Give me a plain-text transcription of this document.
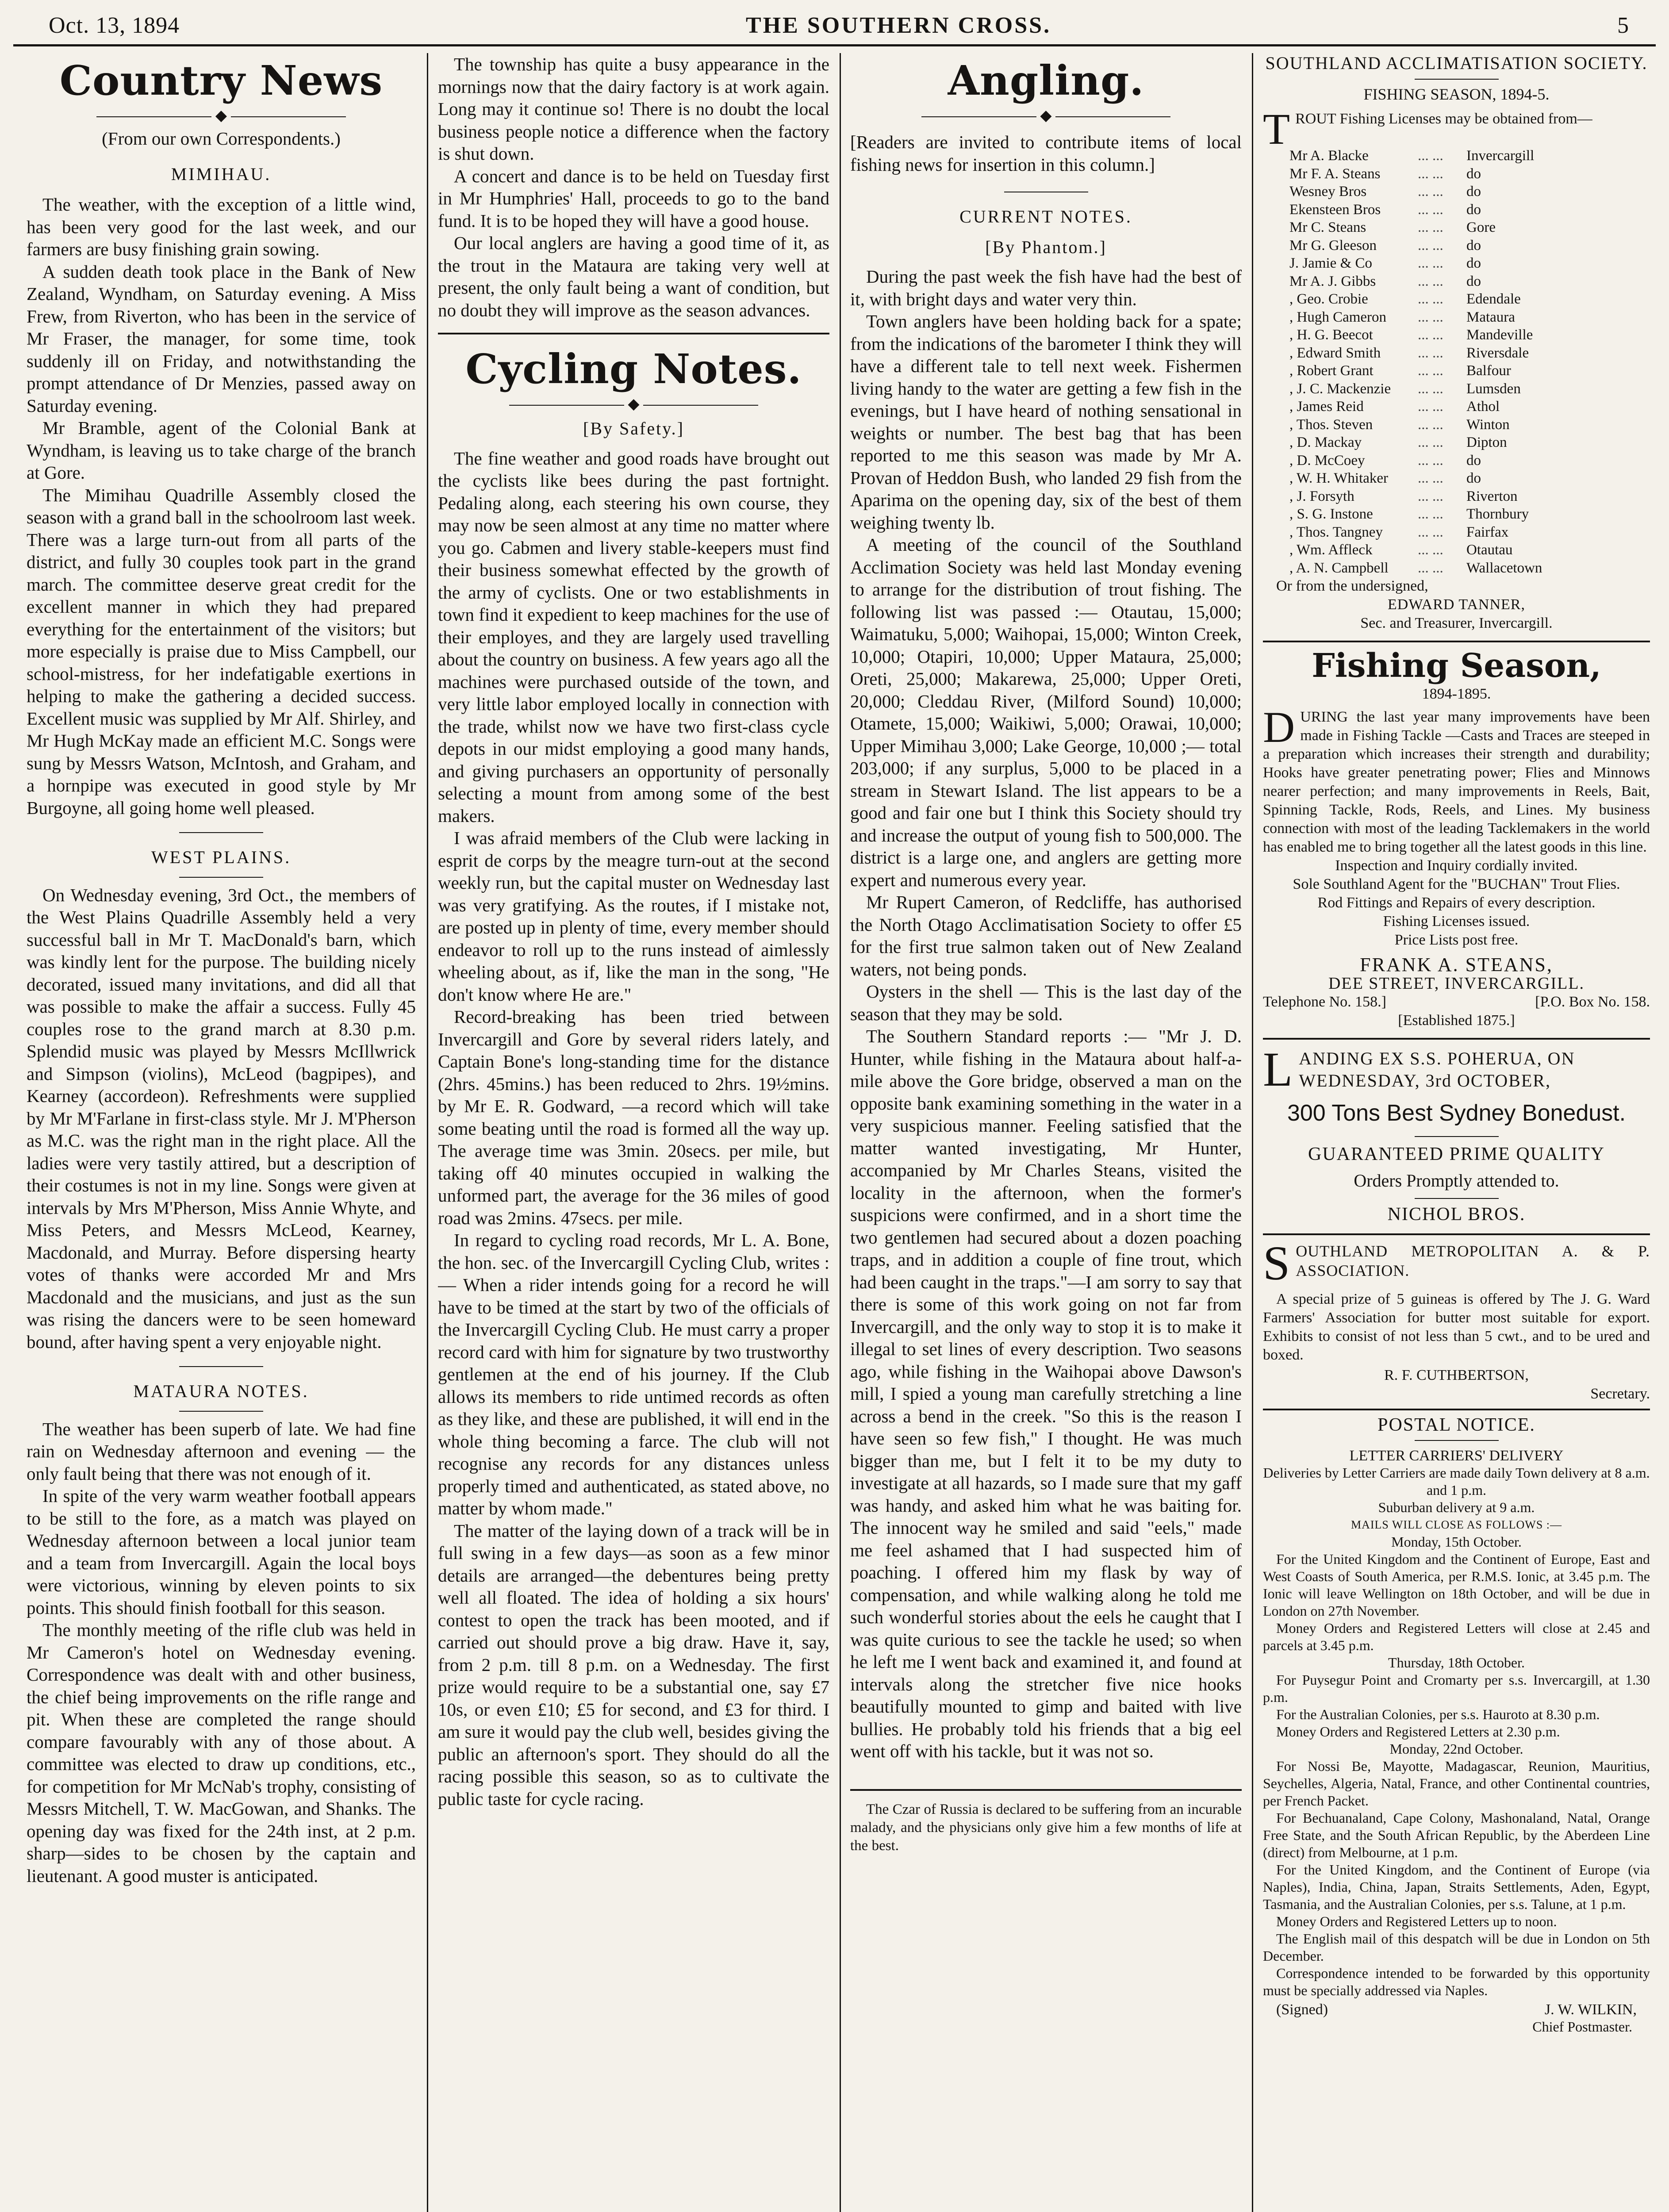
Oct. 13, 1894	THE SOUTHERN CROSS.	5
Country News
◆
(From our own Correspondents.)
MIMIHAU.

The weather, with the exception of a little wind, has been very good for the last week, and our farmers are busy finishing grain sowing.

A sudden death took place in the Bank of New Zealand, Wyndham, on Saturday evening. A Miss Frew, from Riverton, who has been in the service of Mr Fraser, the manager, for some time, took suddenly ill on Friday, and notwithstanding the prompt attendance of Dr Menzies, passed away on Saturday evening.

Mr Bramble, agent of the Colonial Bank at Wyndham, is leaving us to take charge of the branch at Gore.

The Mimihau Quadrille Assembly closed the season with a grand ball in the schoolroom last week. There was a large turn-out from all parts of the district, and fully 30 couples took part in the grand march. The committee deserve great credit for the excellent manner in which they had prepared everything for the entertainment of the visitors; but more especially is praise due to Miss Campbell, our school-mistress, for her indefatigable exertions in helping to make the gathering a decided success. Excellent music was supplied by Mr Alf. Shirley, and Mr Hugh McKay made an efficient M.C. Songs were sung by Messrs Watson, McIntosh, and Graham, and a hornpipe was executed in good style by Mr Burgoyne, all going home well pleased.

WEST PLAINS.

On Wednesday evening, 3rd Oct., the members of the West Plains Quadrille Assembly held a very successful ball in Mr T. MacDonald's barn, which was kindly lent for the purpose. The building nicely decorated, issued many invitations, and did all that was possible to make the affair a success. Fully 45 couples rose to the grand march at 8.30 p.m. Splendid music was played by Messrs McIllwrick and Simpson (violins), McLeod (bagpipes), and Kearney (accordeon). Refreshments were supplied by Mr M'Farlane in first-class style. Mr J. M'Pherson as M.C. was the right man in the right place. All the ladies were very tastily attired, but a description of their costumes is not in my line. Songs were given at intervals by Mrs M'Pherson, Miss Annie Whyte, and Miss Peters, and Messrs McLeod, Kearney, Macdonald, and Murray. Before dispersing hearty votes of thanks were accorded Mr and Mrs Macdonald and the musicians, and just as the sun was rising the dancers were to be seen homeward bound, after having spent a very enjoyable night.

MATAURA NOTES.

The weather has been superb of late. We had fine rain on Wednesday afternoon and evening — the only fault being that there was not enough of it.

In spite of the very warm weather football appears to be still to the fore, as a match was played on Wednesday afternoon between a local junior team and a team from Invercargill. Again the local boys were victorious, winning by eleven points to six points. This should finish football for this season.

The monthly meeting of the rifle club was held in Mr Cameron's hotel on Wednesday evening. Correspondence was dealt with and other business, the chief being improvements on the rifle range and pit. When these are completed the range should compare favourably with any of those about. A committee was elected to draw up conditions, etc., for competition for Mr McNab's trophy, consisting of Messrs Mitchell, T. W. MacGowan, and Shanks. The opening day was fixed for the 24th inst, at 2 p.m. sharp—sides to be chosen by the captain and lieutenant. A good muster is anticipated.

The township has quite a busy appearance in the mornings now that the dairy factory is at work again. Long may it continue so! There is no doubt the local business people notice a difference when the factory is shut down.

A concert and dance is to be held on Tuesday first in Mr Humphries' Hall, proceeds to go to the band fund. It is to be hoped they will have a good house.

Our local anglers are having a good time of it, as the trout in the Mataura are taking very well at present, the only fault being a want of condition, but no doubt they will improve as the season advances.

Cycling Notes.
◆
[By Safety.]

The fine weather and good roads have brought out the cyclists like bees during the past fortnight. Pedaling along, each steering his own course, they may now be seen almost at any time no matter where you go. Cabmen and livery stable-keepers must find their business somewhat effected by the growth of the army of cyclists. One or two establishments in town find it expedient to keep machines for the use of their employes, and they are largely used travelling about the country on business. A few years ago all the machines were purchased outside of the town, and very little labor employed locally in connection with the trade, whilst now we have two first-class cycle depots in our midst employing a good many hands, and giving purchasers an opportunity of personally selecting a mount from among some of the best makers.

I was afraid members of the Club were lacking in esprit de corps by the meagre turn-out at the second weekly run, but the capital muster on Wednesday last was very gratifying. As the routes, if I mistake not, are posted up in plenty of time, every member should endeavor to roll up to the runs instead of aimlessly wheeling about, as if, like the man in the song, "He don't know where He are."

Record-breaking has been tried between Invercargill and Gore by several riders lately, and Captain Bone's long-standing time for the distance (2hrs. 45mins.) has been reduced to 2hrs. 19½mins. by Mr E. R. Godward, —a record which will take some beating until the road is formed all the way up. The average time was 3min. 20secs. per mile, but taking off 40 minutes occupied in walking the unformed part, the average for the 36 miles of good road was 2mins. 47secs. per mile.

In regard to cycling road records, Mr L. A. Bone, the hon. sec. of the Invercargill Cycling Club, writes :— When a rider intends going for a record he will have to be timed at the start by two of the officials of the Invercargill Cycling Club. He must carry a proper record card with him for signature by two trustworthy gentlemen at the end of his journey. If the Club allows its members to ride untimed records as often as they like, and these are published, it will end in the whole thing becoming a farce. The club will not recognise any records for any distances unless properly timed and authenticated, as stated above, no matter by whom made."

The matter of the laying down of a track will be in full swing in a few days—as soon as a few minor details are arranged—the debentures being pretty well all floated. The idea of holding a six hours' contest to open the track has been mooted, and if carried out should prove a big draw. Have it, say, from 2 p.m. till 8 p.m. on a Wednesday. The first prize would require to be a substantial one, say £7 10s, or even £10; £5 for second, and £3 for third. I am sure it would pay the club well, besides giving the public an afternoon's sport. They should do all the racing possible this season, so as to cultivate the public taste for cycle racing.

Angling.
◆

[Readers are invited to contribute items of local fishing news for insertion in this column.]

CURRENT NOTES.
[By Phantom.]

During the past week the fish have had the best of it, with bright days and water very thin.

Town anglers have been holding back for a spate; from the indications of the barometer I think they will have a different tale to tell next week. Fishermen living handy to the water are getting a few fish in the evenings, but I have heard of nothing sensational in weights or number. The best bag that has been reported to me this season was made by Mr A. Provan of Heddon Bush, who landed 29 fish from the Aparima on the opening day, six of the best of them weighing twenty lb.

A meeting of the council of the Southland Acclimation Society was held last Monday evening to arrange for the distribution of trout fishing. The following list was passed :— Otautau, 15,000; Waimatuku, 5,000; Waihopai, 15,000; Winton Creek, 10,000; Otapiri, 10,000; Upper Mataura, 25,000; Oreti, 25,000; Makarewa, 25,000; Upper Oreti, 20,000; Cleddau River, (Milford Sound) 10,000; Otamete, 15,000; Waikiwi, 5,000; Orawai, 10,000; Upper Mimihau 3,000; Lake George, 10,000 ;— total 203,000; if any surplus, 5,000 to be placed in a stream in Stewart Island. The list appears to be a good and fair one but I think this Society should try and increase the output of young fish to 500,000. The district is a large one, and anglers are getting more expert and numerous every year.

Mr Rupert Cameron, of Redcliffe, has authorised the North Otago Acclimatisation Society to offer £5 for the first true salmon taken out of New Zealand waters, not being ponds.

Oysters in the shell — This is the last day of the season that they may be sold.

The Southern Standard reports :— "Mr J. D. Hunter, while fishing in the Mataura about half-a-mile above the Gore bridge, observed a man on the opposite bank examining something in the water in a very suspicious manner. Feeling satisfied that the matter wanted investigating, Mr Hunter, accompanied by Mr Charles Steans, visited the locality in the afternoon, when the former's suspicions were confirmed, and in a short time the two gentlemen had secured about a dozen poaching traps, and in addition a couple of fine trout, which had been caught in the traps."—I am sorry to say that there is some of this work going on not far from Invercargill, and the only way to stop it is to make it illegal to set lines of every description. Two seasons ago, while fishing in the Waihopai above Dawson's mill, I spied a young man carefully stretching a line across a bend in the creek. "So this is the reason I have seen so few fish," I thought. He was much bigger than me, but I felt it to be my duty to investigate at all hazards, so I made sure that my gaff was handy, and asked him what he was baiting for. The innocent way he smiled and said "eels," made me feel ashamed that I had suspected him of poaching. I offered him my flask by way of compensation, and while walking along he told me such wonderful stories about the eels he caught that I was quite curious to see the tackle he used; so when he left me I went back and examined it, and found at intervals along the stretcher five nice hooks beautifully mounted to gimp and baited with live bullies. He probably told his friends that a big eel went off with his tackle, but it was not so.

The Czar of Russia is declared to be suffering from an incurable malady, and the physicians only give him a few months of life at the best.

SOUTHLAND ACCLIMATISATION SOCIETY.
FISHING SEASON, 1894-5.
T ROUT Fishing Licenses may be obtained from—
Mr A. Blacke	... ...	Invercargill
Mr F. A. Steans	... ...	do
Wesney Bros	... ...	do
Ekensteen Bros	... ...	do
Mr C. Steans	... ...	Gore
Mr G. Gleeson	... ...	do
J. Jamie & Co	... ...	do
Mr A. J. Gibbs	... ...	do
, Geo. Crobie	... ...	Edendale
, Hugh Cameron	... ...	Mataura
, H. G. Beecot	... ...	Mandeville
, Edward Smith	... ...	Riversdale
, Robert Grant	... ...	Balfour
, J. C. Mackenzie	... ...	Lumsden
, James Reid	... ...	Athol
, Thos. Steven	... ...	Winton
, D. Mackay	... ...	Dipton
, D. McCoey	... ...	do
, W. H. Whitaker	... ...	do
, J. Forsyth	... ...	Riverton
, S. G. Instone	... ...	Thornbury
, Thos. Tangney	... ...	Fairfax
, Wm. Affleck	... ...	Otautau
, A. N. Campbell	... ...	Wallacetown
Or from the undersigned,
EDWARD TANNER,
Sec. and Treasurer, Invercargill.
Fishing Season,
1894-1895.
D URING the last year many improvements have been made in Fishing Tackle —Casts and Traces are steeped in a preparation which increases their strength and durability; Hooks have greater penetrating power; Flies and Minnows nearer perfection; and many improvements in Reels, Bait, Spinning Tackle, Rods, Reels, and Lines. My business connection with most of the leading Tacklemakers in the world has enabled me to bring together all the latest goods in this line.
Inspection and Inquiry cordially invited.
Sole Southland Agent for the "BUCHAN" Trout Flies.
Rod Fittings and Repairs of every description.
Fishing Licenses issued.
Price Lists post free.
FRANK A. STEANS,
DEE STREET, INVERCARGILL.
Telephone No. 158.]	[P.O. Box No. 158.
[Established 1875.]
L ANDING EX S.S. POHERUA, ON
WEDNESDAY, 3rd OCTOBER,
300 Tons Best Sydney Bonedust.
GUARANTEED PRIME QUALITY
Orders Promptly attended to.
NICHOL BROS.
S OUTHLAND METROPOLITAN A. & P. ASSOCIATION.
A special prize of 5 guineas is offered by The J. G. Ward Farmers' Association for butter most suitable for export. Exhibits to consist of not less than 5 cwt., and to be ured and boxed.
R. F. CUTHBERTSON,
Secretary.
POSTAL NOTICE.

LETTER CARRIERS' DELIVERY

Deliveries by Letter Carriers are made daily Town delivery at 8 a.m. and 1 p.m.

Suburban delivery at 9 a.m.

MAILS WILL CLOSE AS FOLLOWS :—

Monday, 15th October.

For the United Kingdom and the Continent of Europe, East and West Coasts of South America, per R.M.S. Ionic, at 3.45 p.m. The Ionic will leave Wellington on 18th October, and will be due in London on 27th November.

Money Orders and Registered Letters will close at 2.45 and parcels at 3.45 p.m.

Thursday, 18th October.

For Puysegur Point and Cromarty per s.s. Invercargill, at 1.30 p.m.

For the Australian Colonies, per s.s. Hauroto at 8.30 p.m.

Money Orders and Registered Letters at 2.30 p.m.

Monday, 22nd October.

For Nossi Be, Mayotte, Madagascar, Reunion, Mauritius, Seychelles, Algeria, Natal, France, and other Continental countries, per French Packet.

For Bechuanaland, Cape Colony, Mashonaland, Natal, Orange Free State, and the South African Republic, by the Aberdeen Line (direct) from Melbourne, at 1 p.m.

For the United Kingdom, and the Continent of Europe (via Naples), India, China, Japan, Straits Settlements, Aden, Egypt, Tasmania, and the Australian Colonies, per s.s. Talune, at 1 p.m.

Money Orders and Registered Letters up to noon.

The English mail of this despatch will be due in London on 5th December.

Correspondence intended to be forwarded by this opportunity must be specially addressed via Naples.

(Signed)	J. W. WILKIN,

Chief Postmaster.
